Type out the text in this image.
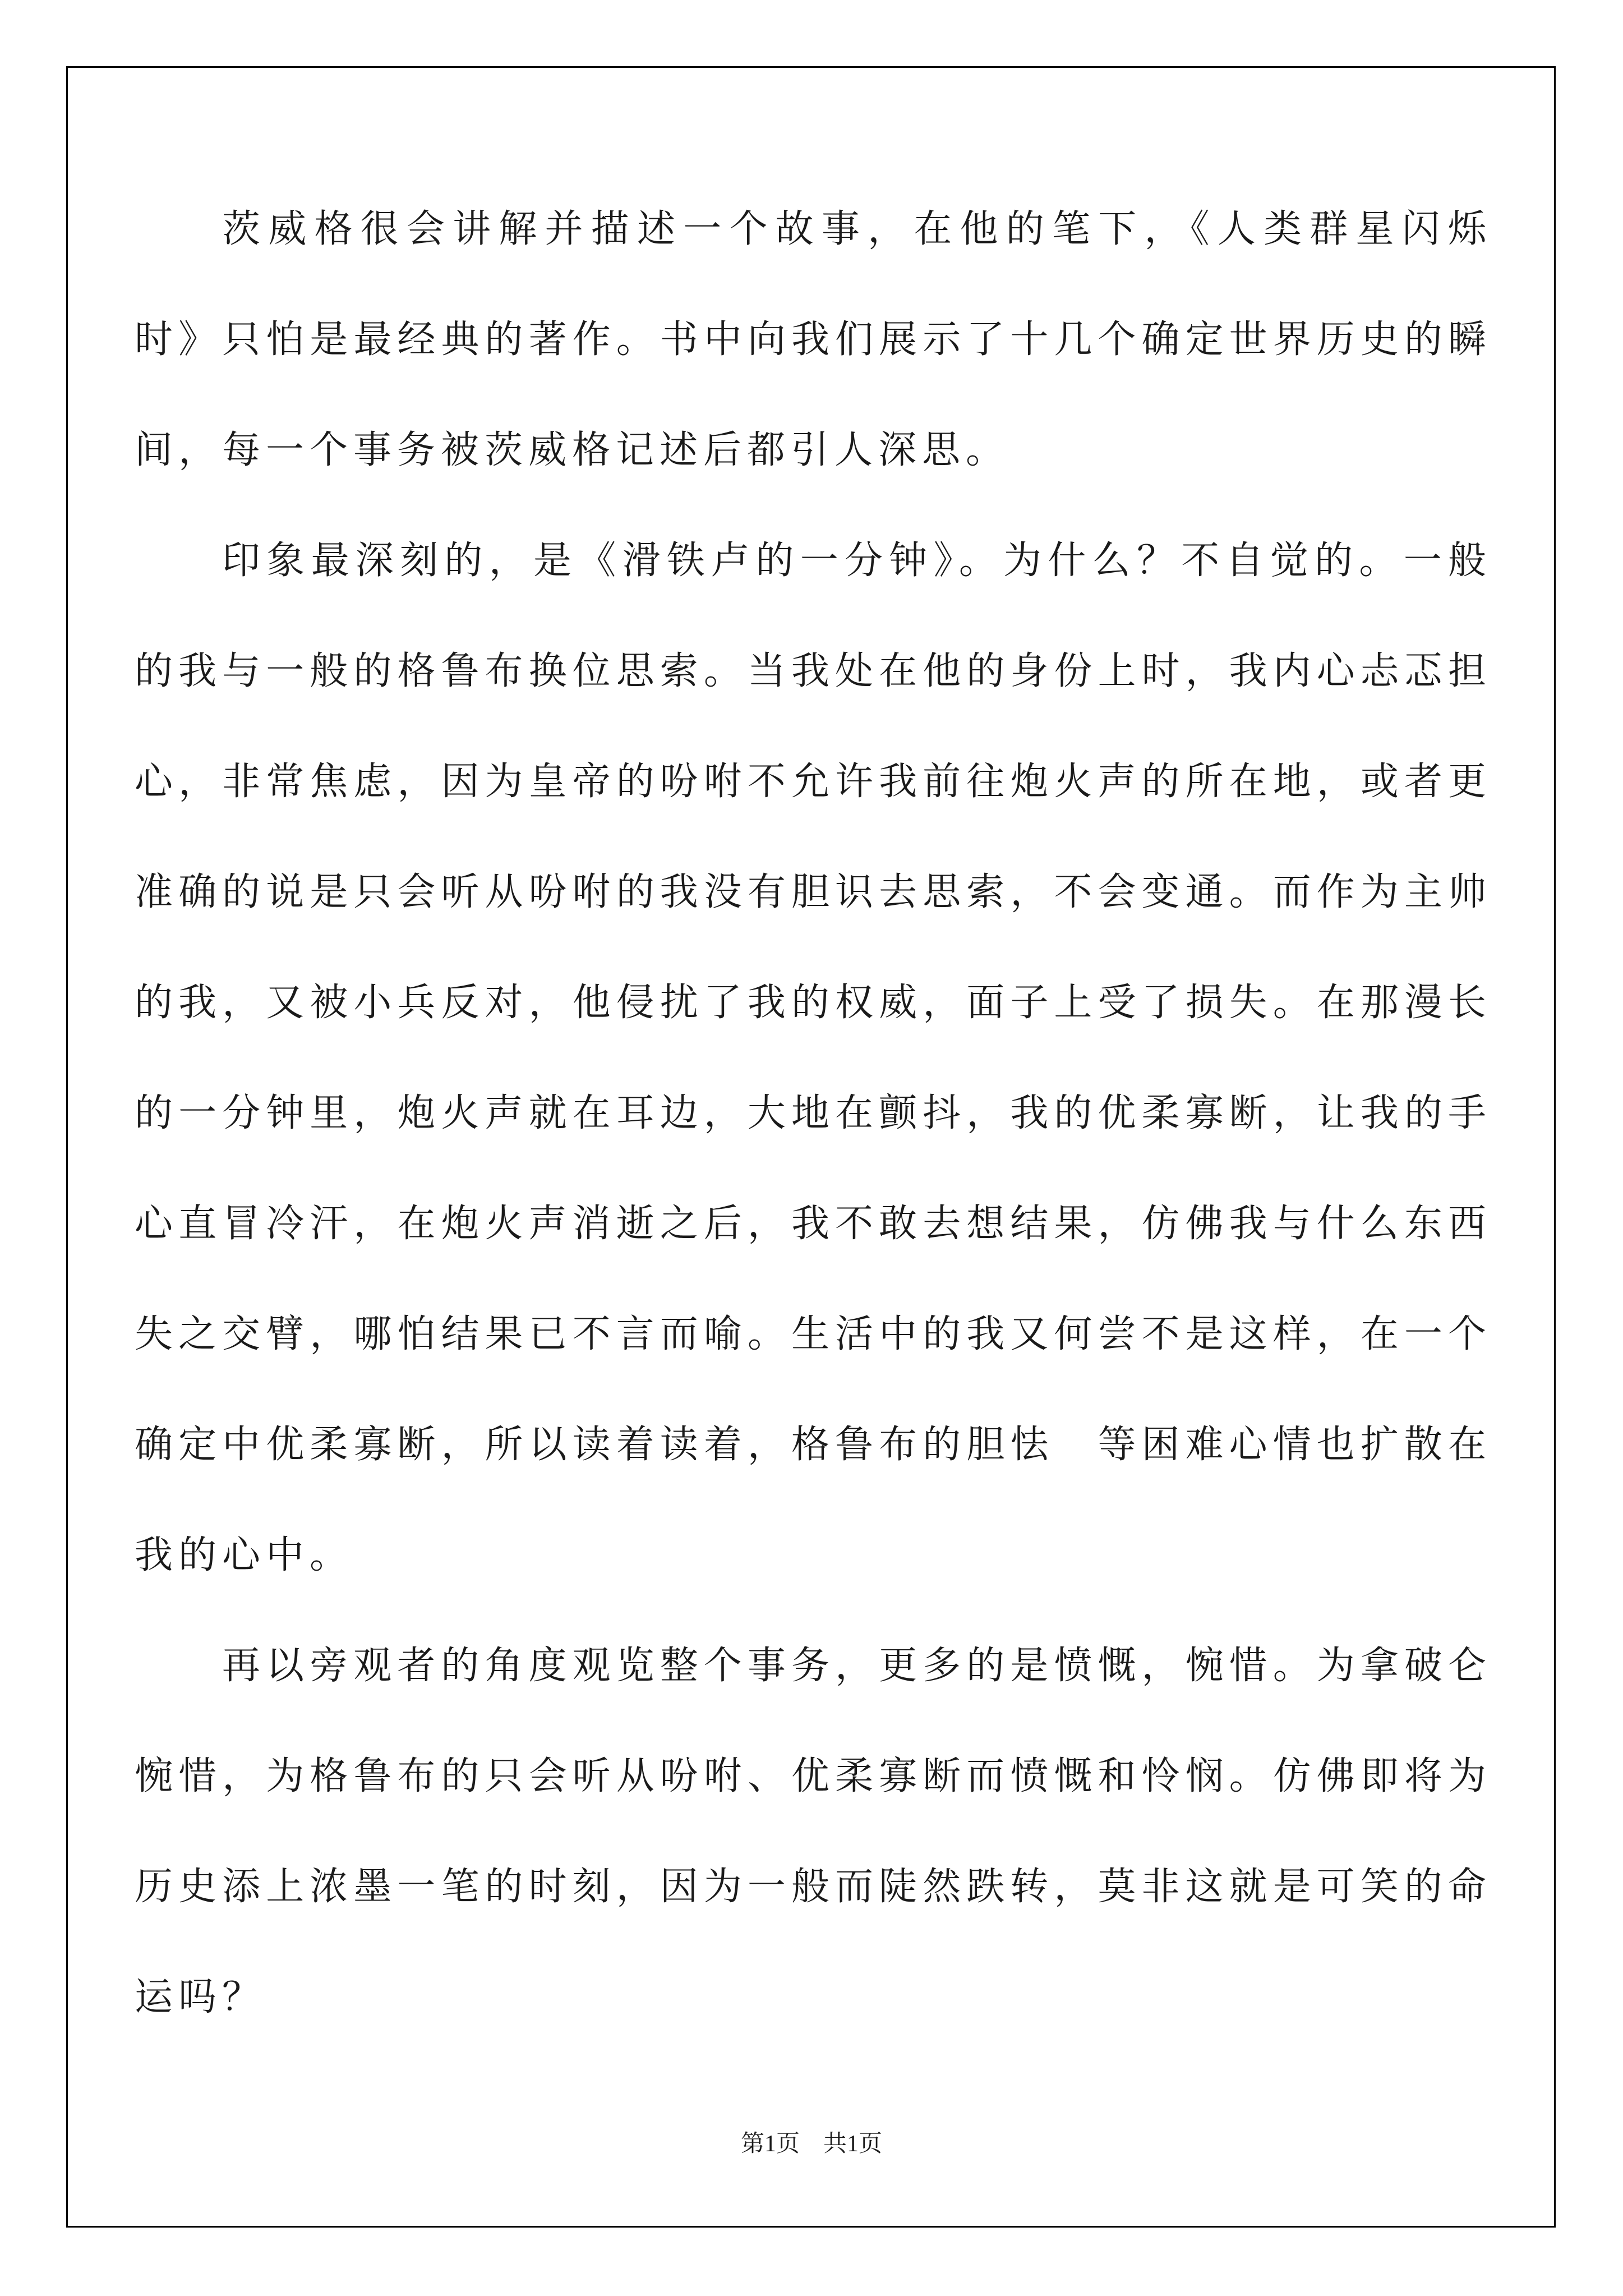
茨威格很会讲解并描述一个故事，在他的笔下，《人类群星闪烁时》只怕是最经典的著作。书中向我们展示了十几个确定世界历史的瞬间，每一个事务被茨威格记述后都引人深思。

印象最深刻的，是《滑铁卢的一分钟》。为什么？不自觉的。一般的我与一般的格鲁布换位思索。当我处在他的身份上时，我内心忐忑担心，非常焦虑，因为皇帝的吩咐不允许我前往炮火声的所在地，或者更准确的说是只会听从吩咐的我没有胆识去思索，不会变通。而作为主帅的我，又被小兵反对，他侵扰了我的权威，面子上受了损失。在那漫长的一分钟里，炮火声就在耳边，大地在颤抖，我的优柔寡断，让我的手心直冒冷汗，在炮火声消逝之后，我不敢去想结果，仿佛我与什么东西失之交臂，哪怕结果已不言而喻。生活中的我又何尝不是这样，在一个确定中优柔寡断，所以读着读着，格鲁布的胆怯　等困难心情也扩散在我的心中。

再以旁观者的角度观览整个事务，更多的是愤慨，惋惜。为拿破仑惋惜，为格鲁布的只会听从吩咐、优柔寡断而愤慨和怜悯。仿佛即将为历史添上浓墨一笔的时刻，因为一般而陡然跌转，莫非这就是可笑的命运吗？

第1页　共1页
